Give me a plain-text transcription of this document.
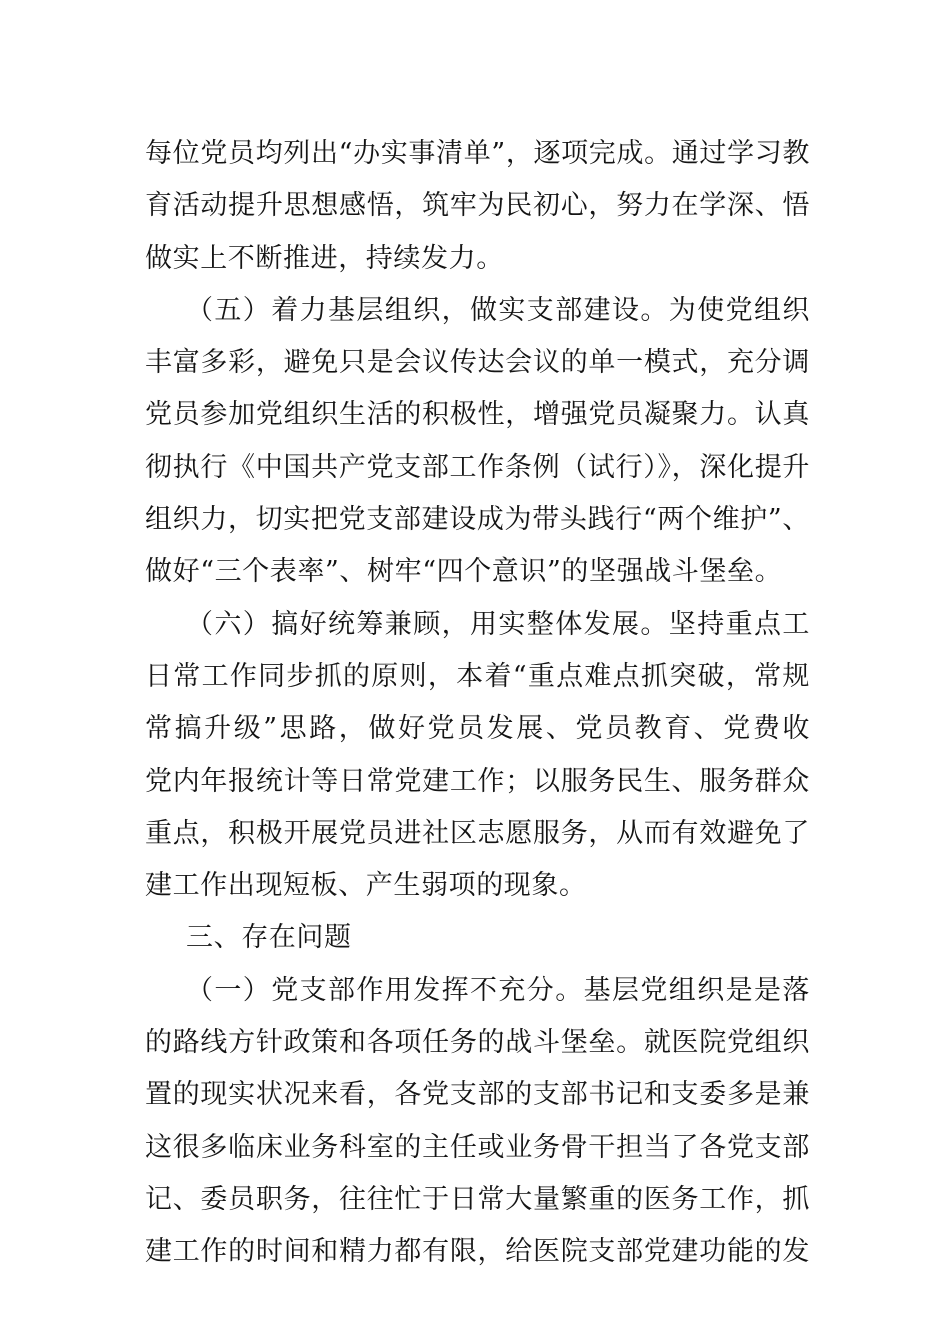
每位党员均列出“办实事清单”，逐项完成。通过学习教
育活动提升思想感悟，筑牢为民初心，努力在学深、悟
做实上不断推进，持续发力。
（五）着力基层组织，做实支部建设。为使党组织
丰富多彩，避免只是会议传达会议的单一模式，充分调
党员参加党组织生活的积极性，增强党员凝聚力。认真
彻执行《中国共产党支部工作条例（试行）》，深化提升
组织力，切实把党支部建设成为带头践行“两个维护”、
做好“三个表率”、树牢“四个意识”的坚强战斗堡垒。
（六）搞好统筹兼顾，用实整体发展。坚持重点工
日常工作同步抓的原则，本着“重点难点抓突破，常规
常搞升级”思路，做好党员发展、党员教育、党费收
党内年报统计等日常党建工作；以服务民生、服务群众
重点，积极开展党员进社区志愿服务，从而有效避免了
建工作出现短板、产生弱项的现象。
三、存在问题
（一）党支部作用发挥不充分。基层党组织是是落
的路线方针政策和各项任务的战斗堡垒。就医院党组织
置的现实状况来看，各党支部的支部书记和支委多是兼
这很多临床业务科室的主任或业务骨干担当了各党支部
记、委员职务，往往忙于日常大量繁重的医务工作，抓
建工作的时间和精力都有限，给医院支部党建功能的发
